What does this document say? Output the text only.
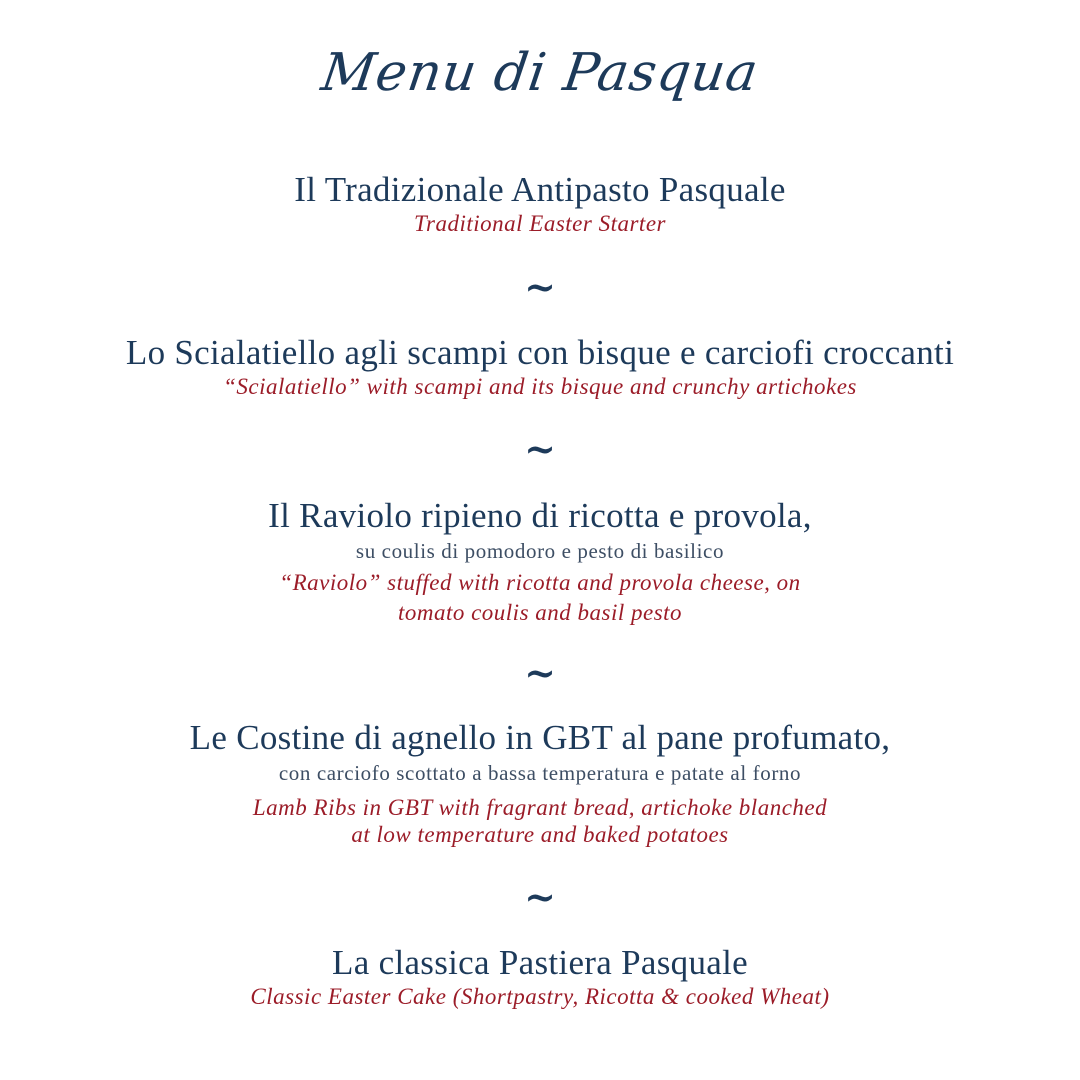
Menu di Pasqua
Il Tradizionale Antipasto Pasquale
Traditional Easter Starter
~
Lo Scialatiello agli scampi con bisque e carciofi croccanti
“Scialatiello” with scampi and its bisque and crunchy artichokes
~
Il Raviolo ripieno di ricotta e provola,
su coulis di pomodoro e pesto di basilico
“Raviolo” stuffed with ricotta and provola cheese, on
tomato coulis and basil pesto
~
Le Costine di agnello in GBT al pane profumato,
con carciofo scottato a bassa temperatura e patate al forno
Lamb Ribs in GBT with fragrant bread, artichoke blanched
at low temperature and baked potatoes
~
La classica Pastiera Pasquale
Classic Easter Cake (Shortpastry, Ricotta & cooked Wheat)
